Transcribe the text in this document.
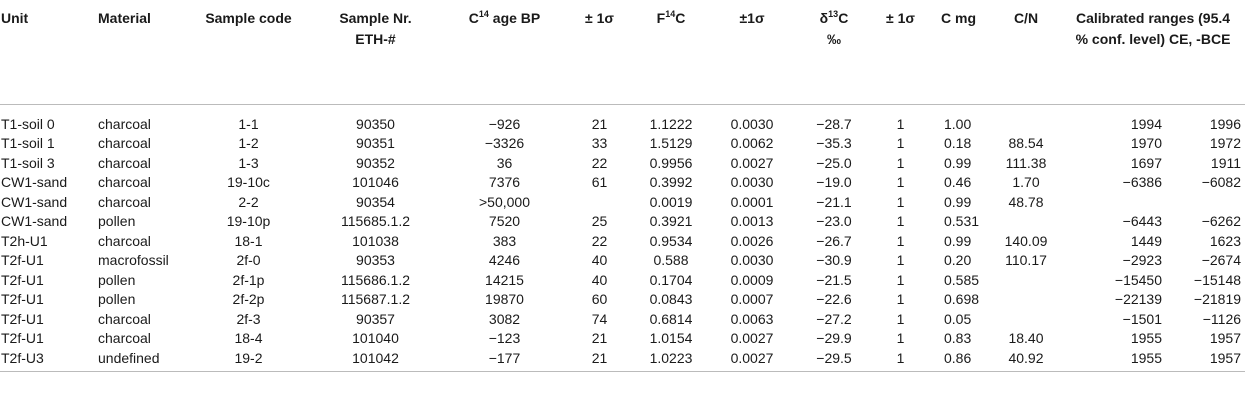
Unit	Material	Sample code	Sample Nr.
ETH-#	$C^{14}$ age BP	± 1σ	$F^{14}C$	±1σ	$\delta^{13}C$
‰	± 1σ	C mg	C/N	Calibrated ranges (95.4 % conf. level) CE, -BCE	

T1-soil 0	charcoal	1-1	90350	−926	21	1.1222	0.0030	−28.7	1	1.00		1994	1996
T1-soil 1	charcoal	1-2	90351	−3326	33	1.5129	0.0062	−35.3	1	0.18	88.54	1970	1972
T1-soil 3	charcoal	1-3	90352	36	22	0.9956	0.0027	−25.0	1	0.99	111.38	1697	1911
CW1-sand	charcoal	19-10c	101046	7376	61	0.3992	0.0030	−19.0	1	0.46	1.70	−6386	−6082
CW1-sand	charcoal	2-2	90354	>50,000		0.0019	0.0001	−21.1	1	0.99	48.78		
CW1-sand	pollen	19-10p	115685.1.2	7520	25	0.3921	0.0013	−23.0	1	0.531		−6443	−6262
T2h-U1	charcoal	18-1	101038	383	22	0.9534	0.0026	−26.7	1	0.99	140.09	1449	1623
T2f-U1	macrofossil	2f-0	90353	4246	40	0.588	0.0030	−30.9	1	0.20	110.17	−2923	−2674
T2f-U1	pollen	2f-1p	115686.1.2	14215	40	0.1704	0.0009	−21.5	1	0.585		−15450	−15148
T2f-U1	pollen	2f-2p	115687.1.2	19870	60	0.0843	0.0007	−22.6	1	0.698		−22139	−21819
T2f-U1	charcoal	2f-3	90357	3082	74	0.6814	0.0063	−27.2	1	0.05		−1501	−1126
T2f-U1	charcoal	18-4	101040	−123	21	1.0154	0.0027	−29.9	1	0.83	18.40	1955	1957
T2f-U3	undefined	19-2	101042	−177	21	1.0223	0.0027	−29.5	1	0.86	40.92	1955	1957
